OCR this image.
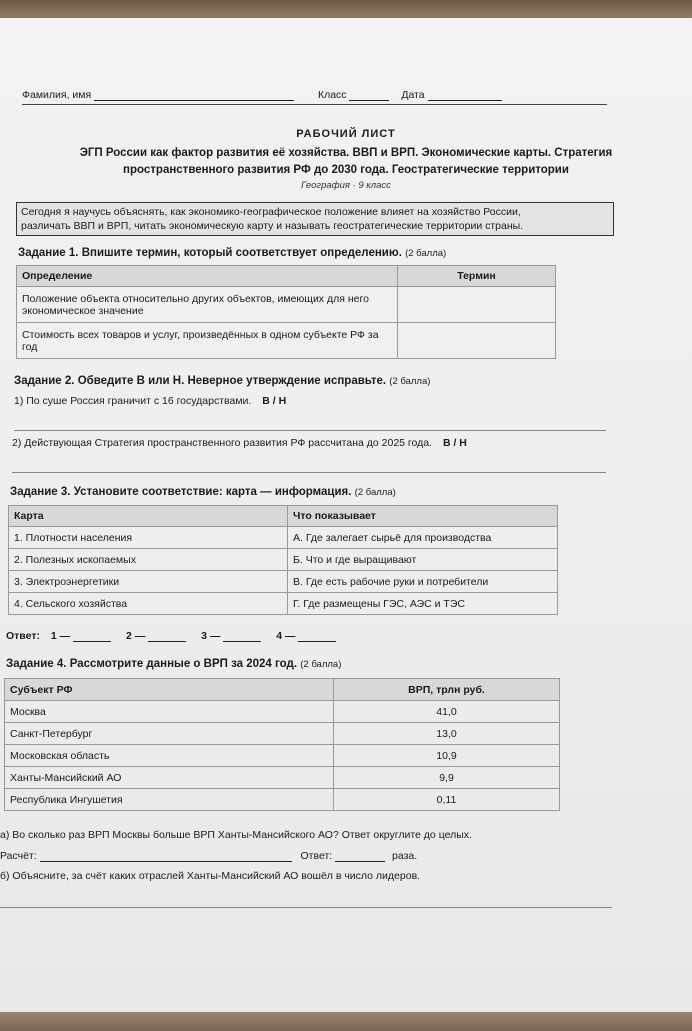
Фамилия, имя	Класс	Дата
РАБОЧИЙ ЛИСТ
ЭГП России как фактор развития её хозяйства. ВВП и ВРП. Экономические карты. Стратегия
пространственного развития РФ до 2030 года. Геостратегические территории
География · 9 класс
Сегодня я научусь объяснять, как экономико-географическое положение влияет на хозяйство России,
различать ВВП и ВРП, читать экономическую карту и называть геостратегические территории страны.
Задание 1. Впишите термин, который соответствует определению. (2 балла)
Определение	Термин
Положение объекта относительно других объектов, имеющих для него экономическое значение	
Стоимость всех товаров и услуг, произведённых в одном субъекте РФ за год	
Задание 2. Обведите В или Н. Неверное утверждение исправьте. (2 балла)
1) По суше Россия граничит с 16 государствами. В / Н
2) Действующая Стратегия пространственного развития РФ рассчитана до 2025 года. В / Н
Задание 3. Установите соответствие: карта — информация. (2 балла)
Карта	Что показывает
1. Плотности населения	А. Где залегает сырьё для производства
2. Полезных ископаемых	Б. Что и где выращивают
3. Электроэнергетики	В. Где есть рабочие руки и потребители
4. Сельского хозяйства	Г. Где размещены ГЭС, АЭС и ТЭС
Ответ: 1 —	2 —	3 —	4 —
Задание 4. Рассмотрите данные о ВРП за 2024 год. (2 балла)
Субъект РФ	ВРП, трлн руб.
Москва	41,0
Санкт-Петербург	13,0
Московская область	10,9
Ханты-Мансийский АО	9,9
Республика Ингушетия	0,11
а) Во сколько раз ВРП Москвы больше ВРП Ханты-Мансийского АО? Ответ округлите до целых.
Расчёт:	Ответ:	раза.
б) Объясните, за счёт каких отраслей Ханты-Мансийский АО вошёл в число лидеров.
